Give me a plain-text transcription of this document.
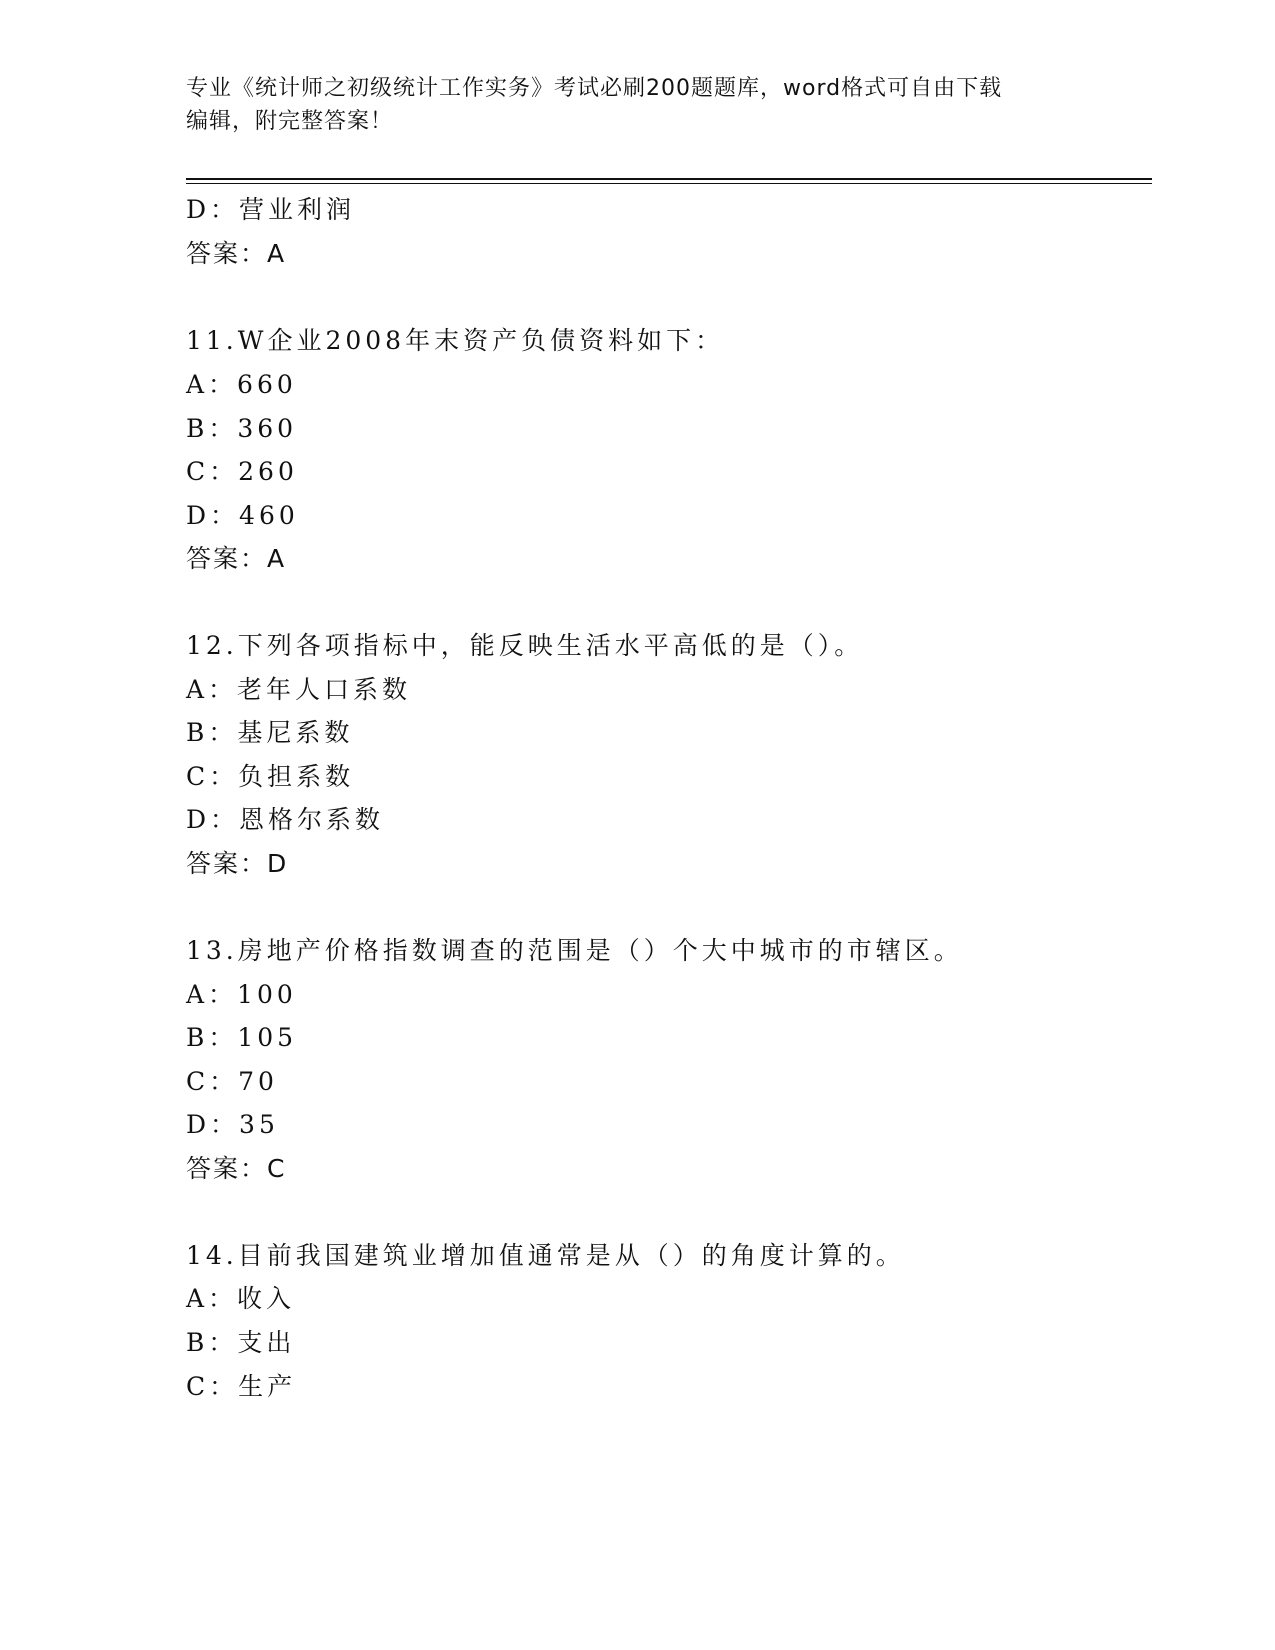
专业《统计师之初级统计工作实务》考试必刷200题题库，word格式可自由下载
编辑，附完整答案！
D：营业利润
答案：A
11.W企业2008年末资产负债资料如下：
A：660
B：360
C：260
D：460
答案：A
12.下列各项指标中，能反映生活水平高低的是（）。
A：老年人口系数
B：基尼系数
C：负担系数
D：恩格尔系数
答案：D
13.房地产价格指数调查的范围是（）个大中城市的市辖区。
A：100
B：105
C：70
D：35
答案：C
14.目前我国建筑业增加值通常是从（）的角度计算的。
A：收入
B：支出
C：生产
